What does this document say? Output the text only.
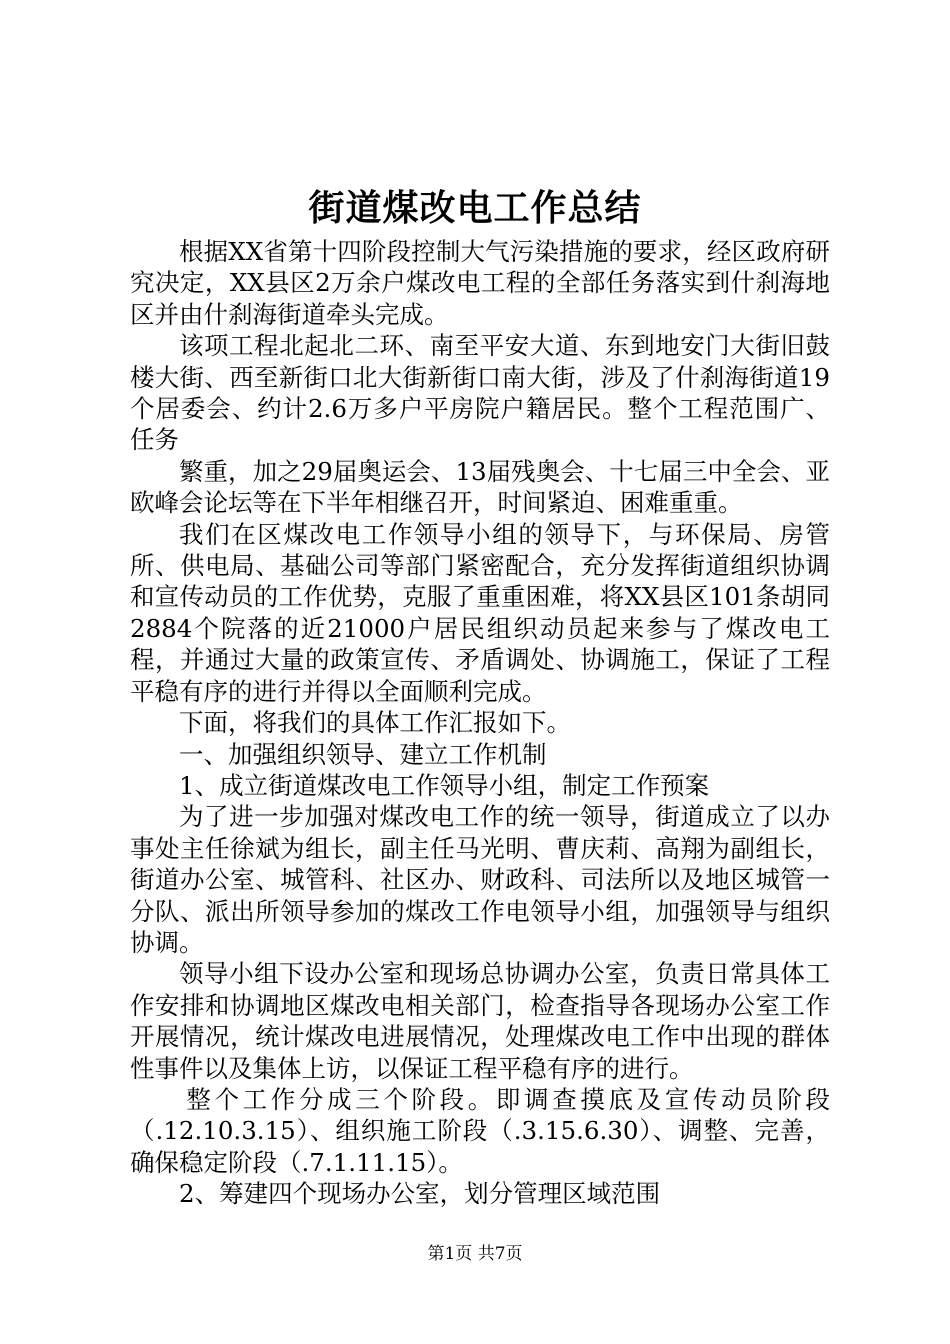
街道煤改电工作总结

根据XX省第十四阶段控制大气污染措施的要求，经区政府研究决定，XX县区2万余户煤改电工程的全部任务落实到什刹海地区并由什刹海街道牵头完成。

该项工程北起北二环、南至平安大道、东到地安门大街旧鼓楼大街、西至新街口北大街新街口南大街，涉及了什刹海街道19个居委会、约计2.6万多户平房院户籍居民。整个工程范围广、任务

繁重，加之29届奥运会、13届残奥会、十七届三中全会、亚欧峰会论坛等在下半年相继召开，时间紧迫、困难重重。

我们在区煤改电工作领导小组的领导下，与环保局、房管所、供电局、基础公司等部门紧密配合，充分发挥街道组织协调和宣传动员的工作优势，克服了重重困难，将XX县区101条胡同2884个院落的近21000户居民组织动员起来参与了煤改电工程，并通过大量的政策宣传、矛盾调处、协调施工，保证了工程平稳有序的进行并得以全面顺利完成。

下面，将我们的具体工作汇报如下。

一、加强组织领导、建立工作机制

1、成立街道煤改电工作领导小组，制定工作预案

为了进一步加强对煤改电工作的统一领导，街道成立了以办事处主任徐斌为组长，副主任马光明、曹庆莉、高翔为副组长，街道办公室、城管科、社区办、财政科、司法所以及地区城管一分队、派出所领导参加的煤改工作电领导小组，加强领导与组织协调。

领导小组下设办公室和现场总协调办公室，负责日常具体工作安排和协调地区煤改电相关部门，检查指导各现场办公室工作开展情况，统计煤改电进展情况，处理煤改电工作中出现的群体性事件以及集体上访，以保证工程平稳有序的进行。

整个工作分成三个阶段。即调查摸底及宣传动员阶段（.12.10.3.15）、组织施工阶段（.3.15.6.30）、调整、完善，确保稳定阶段（.7.1.11.15）。

2、筹建四个现场办公室，划分管理区域范围

第1页 共7页
